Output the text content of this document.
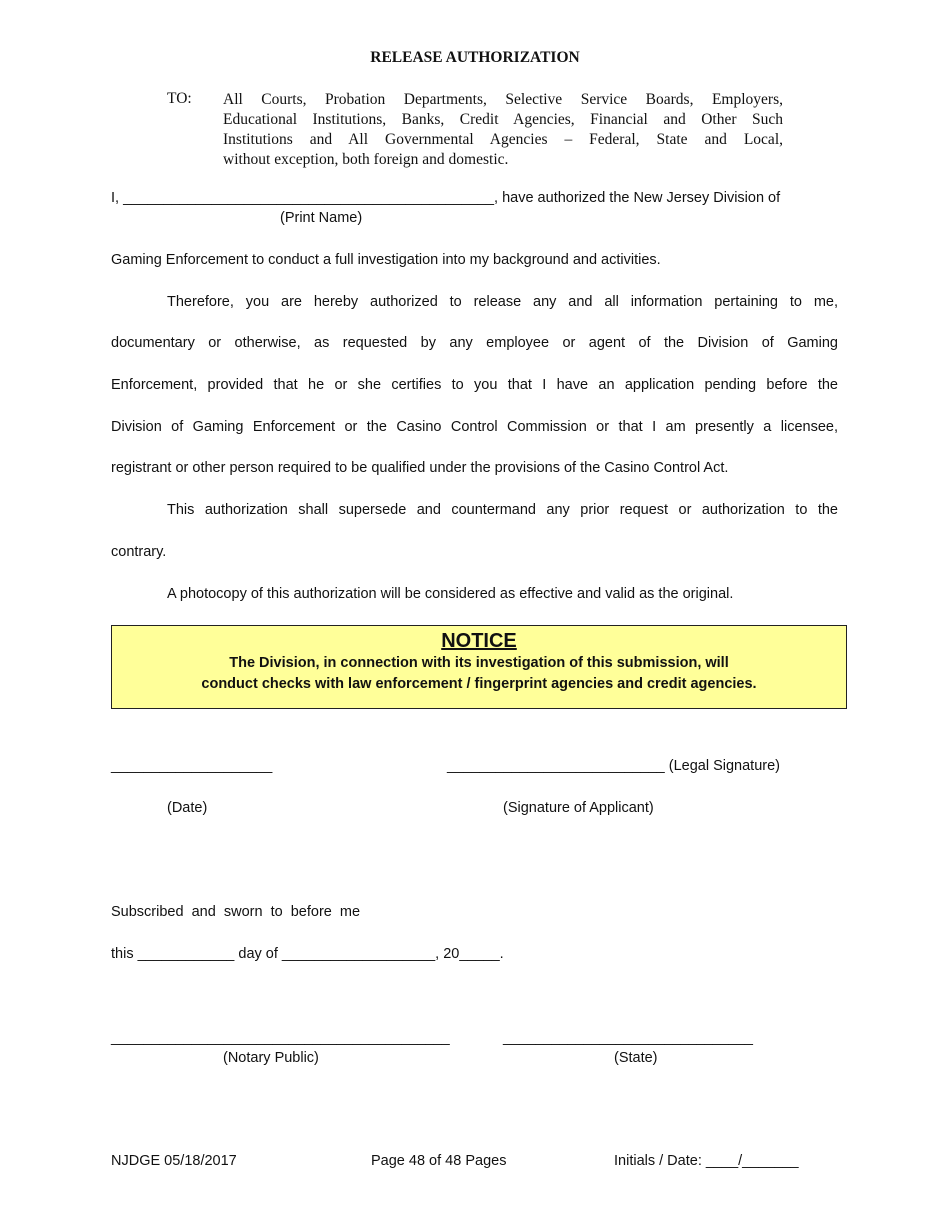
RELEASE AUTHORIZATION
TO: All Courts, Probation Departments, Selective Service Boards, Employers,
Educational Institutions, Banks, Credit Agencies, Financial and Other Such
Institutions and All Governmental Agencies – Federal, State and Local,
without exception, both foreign and domestic.
I, ______________________________________________ , have authorized the New Jersey Division of
(Print Name)
Gaming Enforcement to conduct a full investigation into my background and activities.
Therefore, you are hereby authorized to release any and all information pertaining to me,
documentary or otherwise, as requested by any employee or agent of the Division of Gaming
Enforcement, provided that he or she certifies to you that I have an application pending before the
Division of Gaming Enforcement or the Casino Control Commission or that I am presently a licensee,
registrant or other person required to be qualified under the provisions of the Casino Control Act.
This authorization shall supersede and countermand any prior request or authorization to the
contrary.
A photocopy of this authorization will be considered as effective and valid as the original.
NOTICE
The Division, in connection with its investigation of this submission, will
conduct checks with law enforcement / fingerprint agencies and credit agencies.
____________________	___________________________ (Legal Signature)
(Date)	(Signature of Applicant)
Subscribed  and  sworn  to  before  me
this ____________ day of ___________________, 20_____.
__________________________________________	_______________________________
(Notary Public)	(State)
NJDGE 05/18/2017	Page 48 of 48 Pages	Initials / Date: ____/_______
